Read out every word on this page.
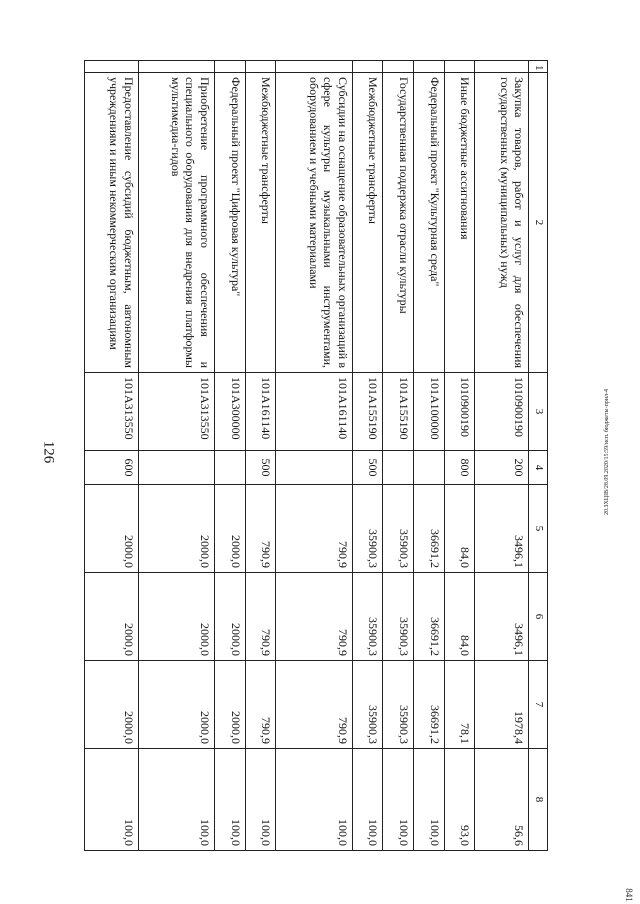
126
1	2	3	4	5	6	7	8
	Закупка товаров, работ и услуг для обеспечения государственных (муниципальных) нужд	1010900190	200	3496,1	3496,1	1978,4	56,6
	Иные бюджетные ассигнования	1010900190	800	84,0	84,0	78,1	93,0
	Федеральный проект "Культурная среда"	101А100000		36691,2	36691,2	36691,2	100,0
	Государственная поддержка отрасли культуры	101А155190		35900,3	35900,3	35900,3	100,0
	Межбюджетные трансферты	101А155190	500	35900,3	35900,3	35900,3	100,0
	Субсидии на оснащение образовательных организаций в сфере культуры музыкальными инструментами, оборудованием и учебными материалами	101А161140		790,9	790,9	790,9	100,0
	Межбюджетные трансферты	101А161140	500	790,9	790,9	790,9	100,0
	Федеральный проект "Цифровая культура"	101А300000		2000,0	2000,0	2000,0	100,0
	Приобретение программного обеспечения и специального оборудования для внедрения платформы мультимедиа-гидов	101А313550		2000,0	2000,0	2000,0	100,0
	Предоставление субсидий бюджетным, автономным учреждениям и иным некоммерческим организациям	101А313550	600	2000,0	2000,0	2000,0	100,0
20.ЗХЦIB/28.09.2020/15:59/исп. бюджеты-прил-4
841
